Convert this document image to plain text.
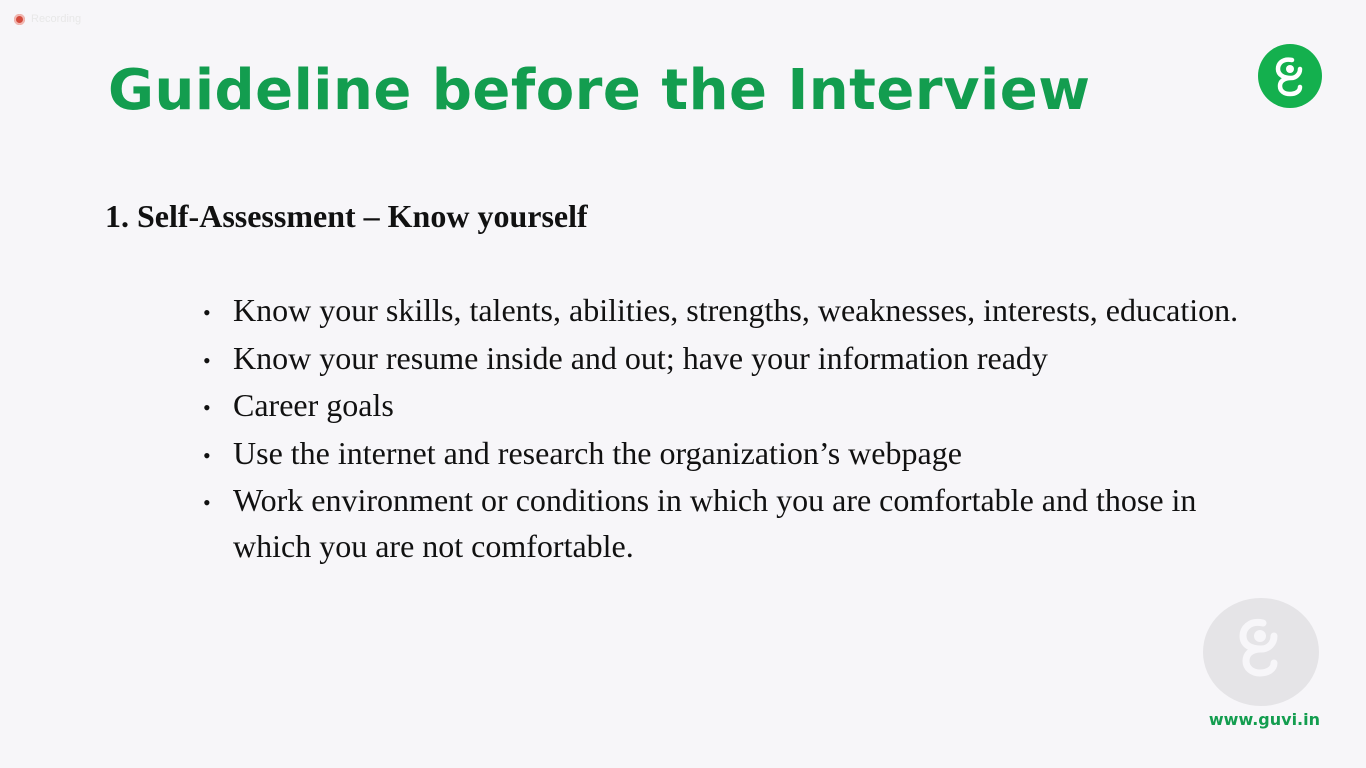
Recording
Guideline before the Interview
1. Self-Assessment – Know yourself
• Know your skills, talents, abilities, strengths, weaknesses, interests, education.
• Know your resume inside and out; have your information ready
• Career goals
• Use the internet and research the organization’s webpage
• Work environment or conditions in which you are comfortable and those in which you are not comfortable.
www.guvi.in
